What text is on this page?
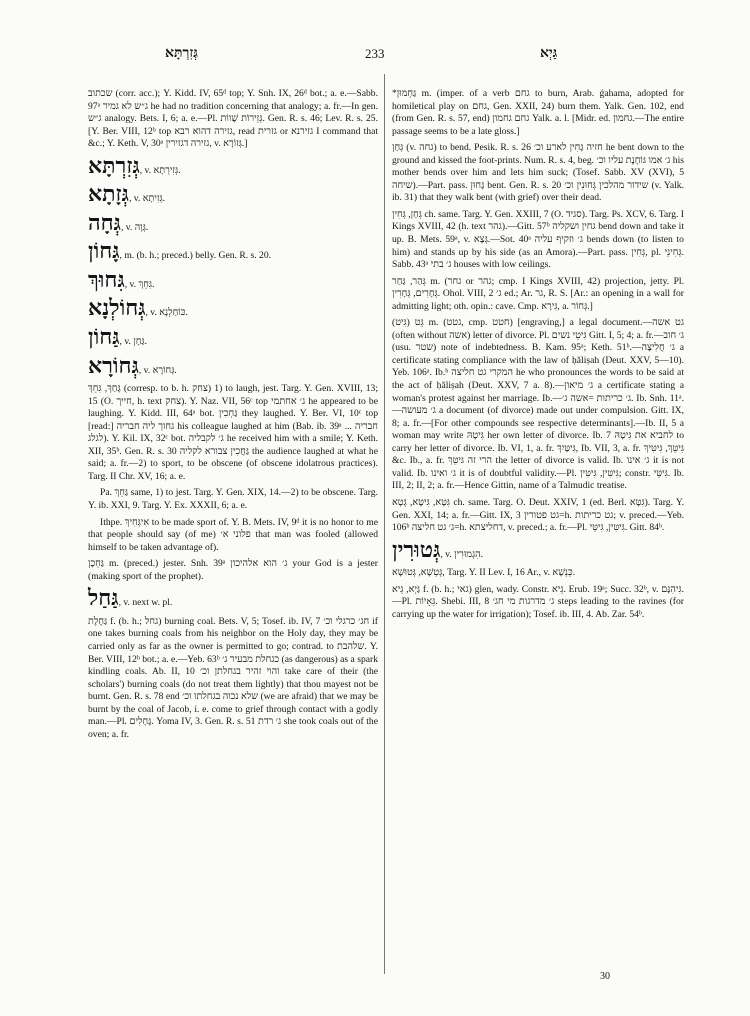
גְּזִרְתָּא	233	גַּיְא

שכתוב (corr. acc.); Y. Kidd. IV, 65ᵈ top; Y. Snh. IX, 26ᵈ bot.; a. e.—Sabb. 97ᵃ ג״ש לא גמיר he had no tradition concerning that analogy; a. fr.—In gen. ג״ש analogy. Bets. I, 6; a. e.—Pl. גְּזֵירוֹת שָׁווֹת. Gen. R. s. 46; Lev. R. s. 25. [Y. Ber. VIII, 12ᵇ top גזירה דהוא רבא, read גזרית or גזירנא I command that &c.; Y. Keth. V, 30ᵃ גזירה דגזירין, v. גְּזוֹרָא.]

גְּזִרְתָּא, v. גְּזִירְתָא.
גְּזָתָא, v. גְּזִיתָא.
גְּחָה, v. גְּוָה.
גָּחוֹן, m. (b. h.; preced.) belly. Gen. R. s. 20.
גִּחוּךְ, v. גִּחֵךְ.
גְּחוֹלְנָא, v. כּוֹחַלְנָא.
גַּחוֹן, v. גַּחָן.
גְּחוֹרָא, v. גְּחוֹרָא.

גָּחַךְ, גִּחֵךְ (corresp. to b. h. צחק) 1) to laugh, jest. Targ. Y. Gen. XVIII, 13; 15 (O. חייך, h. text צחק). Y. Naz. VII, 56ᶜ top ג׳ אחתמי he appeared to be laughing. Y. Kidd. III, 64ᵃ bot. גַּחְכִין they laughed. Y. Ber. VI, 10ᶜ top [read:] גחוך ליה חבריה his colleague laughed at him (Bab. ib. 39ᵃ חבריה ... לגלג). Y. Kil. IX, 32ᶜ bot. ג׳ לקבליה he received him with a smile; Y. Keth. XII, 35ᵇ. Gen. R. s. 30 גַּחֲכִין צבורא לקליה the audience laughed at what he said; a. fr.—2) to sport, to be obscene (of obscene idolatrous practices). Targ. II Chr. XV, 16; a. e.

Pa. גַּחֵךְ same, 1) to jest. Targ. Y. Gen. XIX, 14.—2) to be obscene. Targ. Y. ib. XXI, 9. Targ. Y. Ex. XXXII, 6; a. e.

Ithpe. אִיגְּחִיךְ to be made sport of. Y. B. Mets. IV, 9ᵈ it is no honor to me that people should say (of me) פלוני א׳ that man was fooled (allowed himself to be taken advantage of).

גַּחְכָן m. (preced.) jester. Snh. 39ᵃ ג׳ הוא אלהיכון your God is a jester (making sport of the prophet).

גַּחַל, v. next w. pl.

גַּחֶלֶת f. (b. h.; גחל) burning coal. Bets. V, 5; Tosef. ib. IV, 7 חג׳ כרגלי וכ׳ if one takes burning coals from his neighbor on the Holy day, they may be carried only as far as the owner is permitted to go; contrad. to שלהבת. Y. Ber. VIII, 12ᵇ bot.; a. e.—Yeb. 63ᵇ כגחלת מבעיר ג׳ (as dangerous) as a spark kindling coals. Ab. II, 10 והוי זהיר בגחלתן וכ׳ take care of their (the scholars') burning coals (do not treat them lightly) that thou mayest not be burnt. Gen. R. s. 78 end שלא נכוה בגחלתו וכ׳ (we are afraid) that we may be burnt by the coal of Jacob, i. e. come to grief through contact with a godly man.—Pl. גֶּחָלִים. Yoma IV, 3. Gen. R. s. 51 ג׳ רדת she took coals out of the oven; a. fr.

*גַּחְמוּן m. (imper. of a verb גחם to burn, Arab. ǵahama, adopted for homiletical play on גחם, Gen. XXII, 24) burn them. Yalk. Gen. 102, end (from Gen. R. s. 57, end) גחם גחמון Yalk. a. l. [Midr. ed. גחמון.—The entire passage seems to be a late gloss.]

גְּחַן (v. גחה) to bend. Pesik. R. s. 26 חזיה גָּחִין לארע וכ׳ he bent down to the ground and kissed the foot-prints. Num. R. s. 4, beg. ג׳ אמו גּוֹחֶנֶת עליו וכ׳ his mother bends over him and lets him suck; (Tosef. Sabb. XV (XVI), 5 שיחה).—Part. pass. גָּחוּן bent. Gen. R. s. 20 שידור מהלכין גְּחוּנִין וכ׳ (v. Yalk. ib. 31) that they walk bent (with grief) over their dead.

גְּחַן, גְּחִין ch. same. Targ. Y. Gen. XXIII, 7 (O. סגיד). Targ. Ps. XCV, 6. Targ. I Kings XVIII, 42 (h. text גהר).—Gitt. 57ᵇ גחין ושקליה bend down and take it up. B. Mets. 59ᵃ, v. גְּצָא.—Sot. 40ᵃ ג׳ וזקיף עליה bends down (to listen to him) and stands up by his side (as an Amora).—Part. pass. גְּחִין, pl. גְּחִינֵי. Sabb. 43ᵃ ג׳ בתי houses with low ceilings.

גְּהַר, גַּחַר m. (גחר or גהר; cmp. I Kings XVIII, 42) projection, jetty. Pl. גְּחָרִים, גְּחָרִין. Ohol. VIII, 2 ג׳ ed.; Ar. גר, R. S. [Ar.: an opening in a wall for admitting light; oth. opin.: cave. Cmp. גִּירָא, a. גְּחוֹר.]

גֵּט (גִּיט) m. (גטט, cmp. חטט) [engraving,] a legal document.—גט אשה (often without אשה) letter of divorce. Pl. גִּיטֵי נשים Gitt. I, 5; 4; a. fr.—ג׳ חוב (usu. שטר) note of indebtedness. B. Kam. 95ᵃ; Keth. 51ᵇ.—ג׳ חֲלִיצָה a certificate stating compliance with the law of ḥăliṣah (Deut. XXV, 5—10). Yeb. 106ᵃ. Ib.ᵇ המקרי גט חליצה he who pronounces the words to be said at the act of ḥăliṣah (Deut. XXV, 7 a. 8).—ג׳ מיאון a certificate stating a woman's protest against her marriage. Ib.—ג׳ כריתות =אשה ג׳. Ib. Snh. 11ᵃ.—ג׳ מעושה a document (of divorce) made out under compulsion. Gitt. IX, 8; a. fr.—[For other compounds see respective determinants].—Ib. II, 5 a woman may write גִּיטָהּ her own letter of divorce. Ib. 7 לחביא את גִּיטָהּ to carry her letter of divorce. Ib. VI, 1, a. fr. גִּיטַּיִךְ, Ib. VII, 3, a. fr. גִּיטֵּךְ, גִּיטִּיךְ &c. Ib., a. fr. הרי זה גּיטֵּךְ the letter of divorce is valid. Ib. ג׳ אינו it is not valid. Ib. ג׳ ואינו it is of doubtful validity.—Pl. גִּיטִּין, גִּיטִּין; constr. גִּיטֵּי. Ib. III, 2; II, 2; a. fr.—Hence Gittin, name of a Talmudic treatise.

גִּטָּא, גִּיטָּא, גְּטָא ch. same. Targ. O. Deut. XXIV, 1 (ed. Berl. גִּטָּא). Targ. Y. Gen. XXI, 14; a. fr.—Gitt. IX, 3 גט פטורין=h. גט כריתות; v. preced.—Yeb. 106ᵇ ג׳ גט חליצה=h. דחליצתא, v. preced.; a. fr.—Pl. גִּיטִּין, גִּיטֵּי. Gitt. 84ᵇ.

גְּטוּרִין, v. הִגְמוּרִין.

גְּטְשָׁא, גְּטוּשָׁא, Targ. Y. II Lev. I, 16 Ar., v. כְּנְשָׁא.

גַּיְא, גֵּיא f. (b. h.; גאי) glen, wady. Constr. גֵּיא. Erub. 19ᵃ; Succ. 32ᵇ, v. גִּיהִנָּם.—Pl. גֵּאָיוֹת. Shebi. III, 8 ג׳ מדרגות מי חג׳ steps leading to the ravines (for carrying up the water for irrigation); Tosef. ib. III, 4. Ab. Zar. 54ᵇ.

30
